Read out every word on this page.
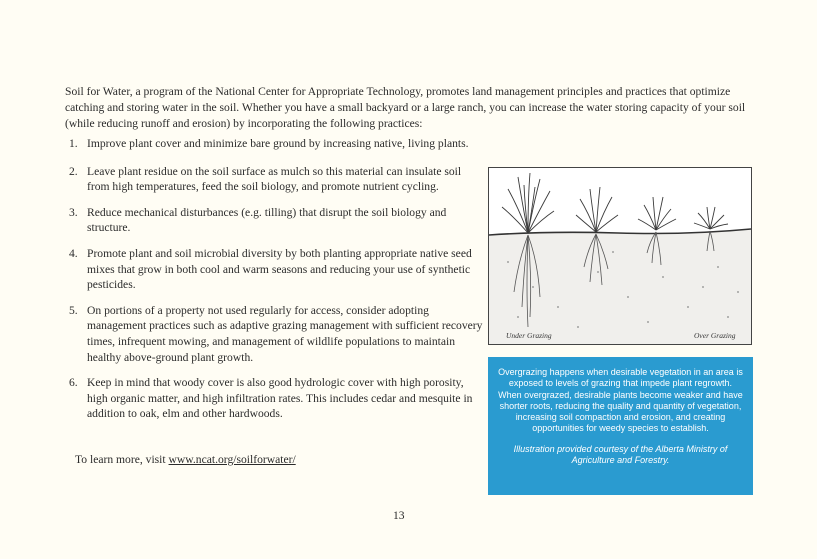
Soil for Water, a program of the National Center for Appropriate Technology, promotes land management principles and practices that optimize catching and storing water in the soil. Whether you have a small backyard or a large ranch, you can increase the water storing capacity of your soil (while reducing runoff and erosion) by incorporating the following practices:

1. Improve plant cover and minimize bare ground by increasing native, living plants.
2. Leave plant residue on the soil surface as mulch so this material can insulate soil from high temperatures, feed the soil biology, and promote nutrient cycling.
3. Reduce mechanical disturbances (e.g. tilling) that disrupt the soil biology and structure.
4. Promote plant and soil microbial diversity by both planting appropriate native seed mixes that grow in both cool and warm seasons and reducing your use of synthetic pesticides.
5. On portions of a property not used regularly for access, consider adopting management practices such as adaptive grazing management with sufficient recovery times, infrequent mowing, and management of wildlife populations to maintain healthy above-ground plant growth.
6. Keep in mind that woody cover is also good hydrologic cover with high porosity, high organic matter, and high infiltration rates. This includes cedar and mesquite in addition to oak, elm and other hardwoods.
To learn more, visit www.ncat.org/soilforwater/
Under Grazing	Over Grazing

Overgrazing happens when desirable vegetation in an area is exposed to levels of grazing that impede plant regrowth. When overgrazed, desirable plants become weaker and have shorter roots, reducing the quality and quantity of vegetation, increasing soil compaction and erosion, and creating opportunities for weedy species to establish.

Illustration provided courtesy of the Alberta Ministry of Agriculture and Forestry.

13
